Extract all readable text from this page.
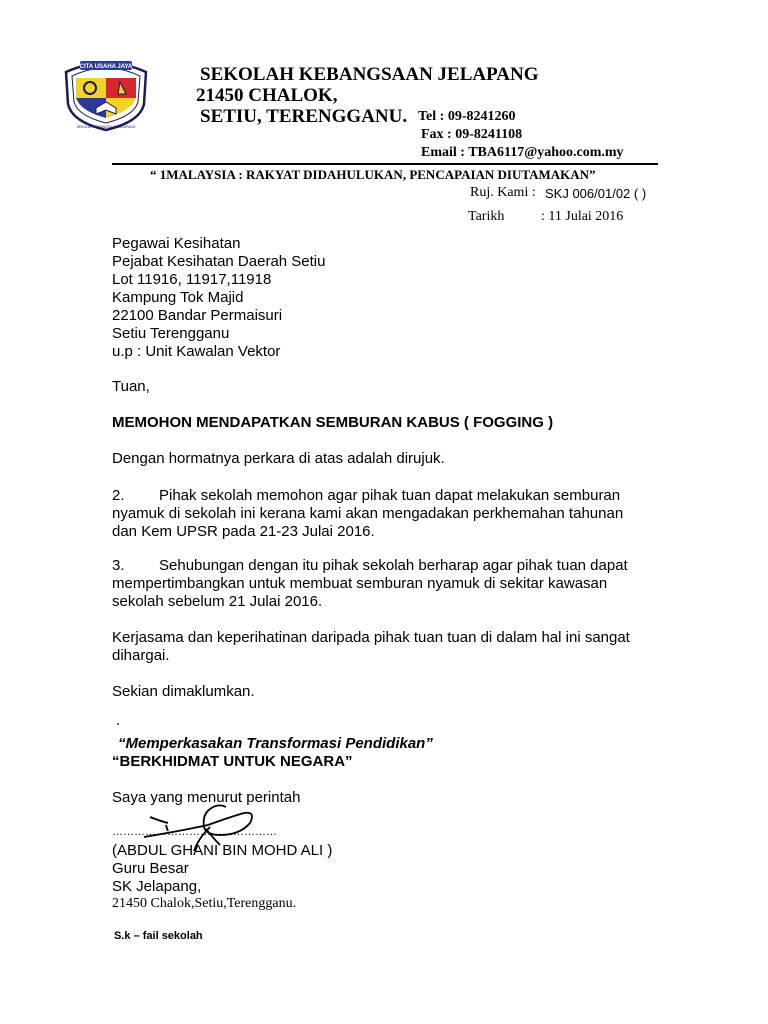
CITA USAHA JAYA
SEKOLAH KEBANGSAAN JELAPANG
SEKOLAH KEBANGSAAN JELAPANG
21450 CHALOK,
SETIU, TERENGGANU. Tel : 09-8241260
Fax : 09-8241108
Email : TBA6117@yahoo.com.my
“ 1MALAYSIA : RAKYAT DIDAHULUKAN, PENCAPAIAN DIUTAMAKAN”
Ruj. Kami : SKJ 006/01/02 ( )
Tarikh	: 11 Julai 2016
Pegawai Kesihatan
Pejabat Kesihatan Daerah Setiu
Lot 11916, 11917,11918
Kampung Tok Majid
22100 Bandar Permaisuri
Setiu Terengganu
u.p : Unit Kawalan Vektor
Tuan,
MEMOHON MENDAPATKAN SEMBURAN KABUS ( FOGGING )
Dengan hormatnya perkara di atas adalah dirujuk.
2.	Pihak sekolah memohon agar pihak tuan dapat melakukan semburan
nyamuk di sekolah ini kerana kami akan mengadakan perkhemahan tahunan
dan Kem UPSR pada 21-23 Julai 2016.
3.	Sehubungan dengan itu pihak sekolah berharap agar pihak tuan dapat
mempertimbangkan untuk membuat semburan nyamuk di sekitar kawasan
sekolah sebelum 21 Julai 2016.
Kerjasama dan keperihatinan daripada pihak tuan tuan di dalam hal ini sangat
dihargai.
Sekian dimaklumkan.
.
“Memperkasakan Transformasi Pendidikan”
“BERKHIDMAT UNTUK NEGARA”
Saya yang menurut perintah
………………………………………
(ABDUL GHANI BIN MOHD ALI )
Guru Besar
SK Jelapang,
21450 Chalok,Setiu,Terengganu.
S.k – fail sekolah
